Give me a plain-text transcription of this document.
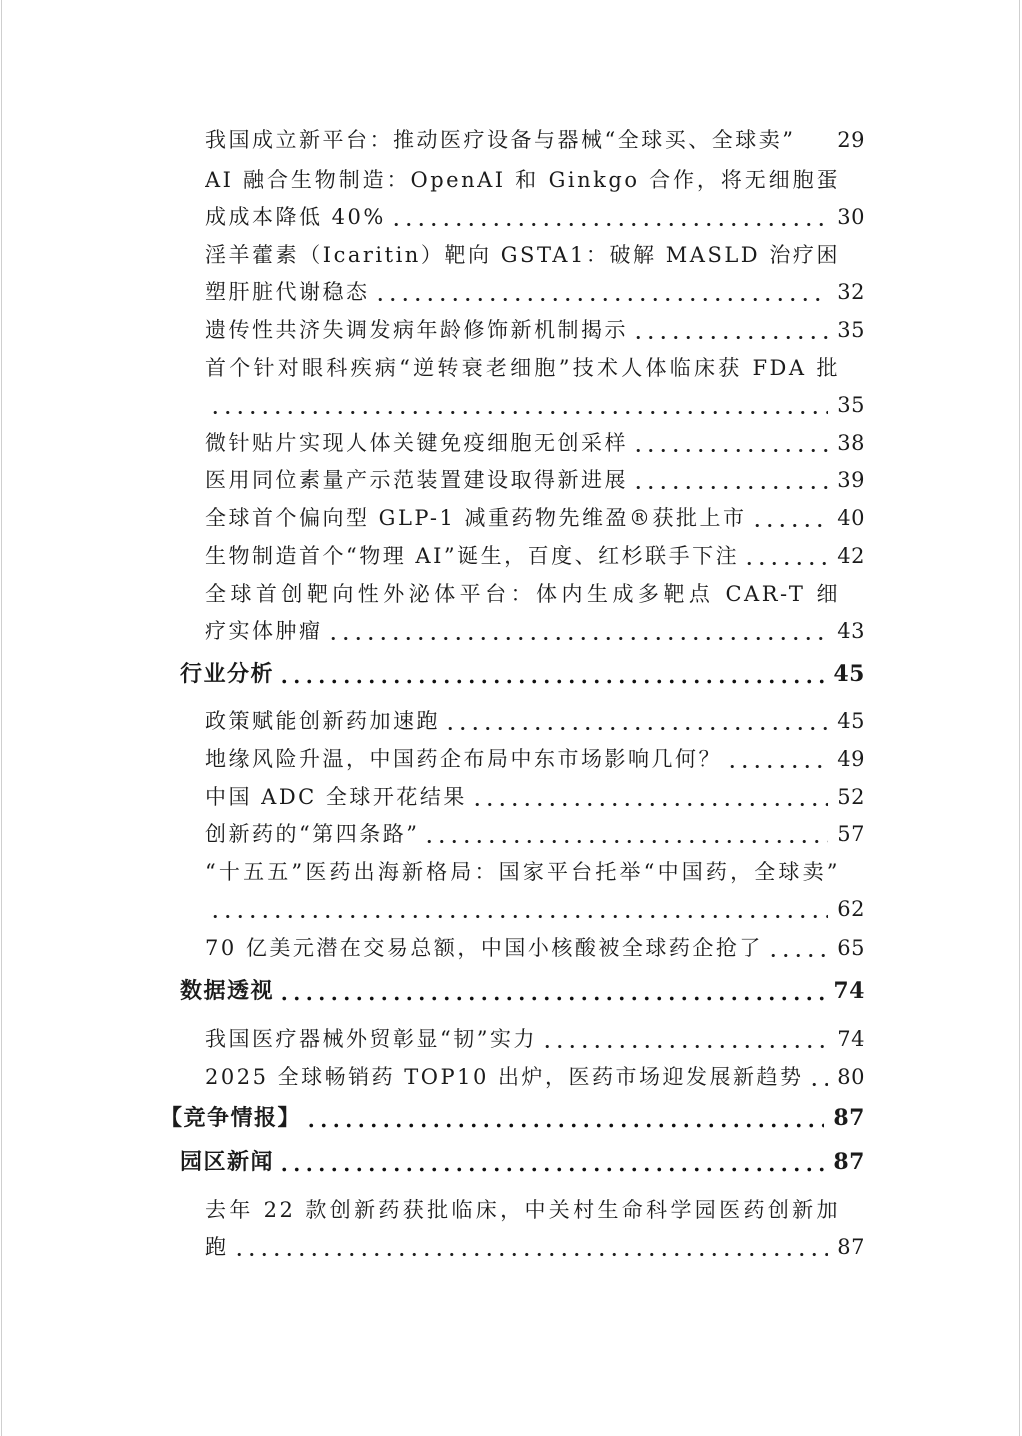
我国成立新平台：推动医疗设备与器械“全球买、全球卖” 29
AI 融合生物制造：OpenAI 和 Ginkgo 合作，将无细胞蛋
成成本降低 40%	30
淫羊藿素（Icaritin）靶向 GSTA1：破解 MASLD 治疗困
塑肝脏代谢稳态	32
遗传性共济失调发病年龄修饰新机制揭示	35
首个针对眼科疾病“逆转衰老细胞”技术人体临床获 FDA 批
35
微针贴片实现人体关键免疫细胞无创采样	38
医用同位素量产示范装置建设取得新进展	39
全球首个偏向型 GLP-1 减重药物先维盈®获批上市	40
生物制造首个“物理 AI”诞生，百度、红杉联手下注	42
全球首创靶向性外泌体平台：体内生成多靶点 CAR-T 细
疗实体肿瘤	43
行业分析	45
政策赋能创新药加速跑	45
地缘风险升温，中国药企布局中东市场影响几何？	49
中国 ADC 全球开花结果	52
创新药的“第四条路”	57
“十五五”医药出海新格局：国家平台托举“中国药，全球卖”
62
70 亿美元潜在交易总额，中国小核酸被全球药企抢了	65
数据透视	74
我国医疗器械外贸彰显“韧”实力	74
2025 全球畅销药 TOP10 出炉，医药市场迎发展新趋势 80
【竞争情报】	87
园区新闻	87
去年 22 款创新药获批临床，中关村生命科学园医药创新加
跑	87
